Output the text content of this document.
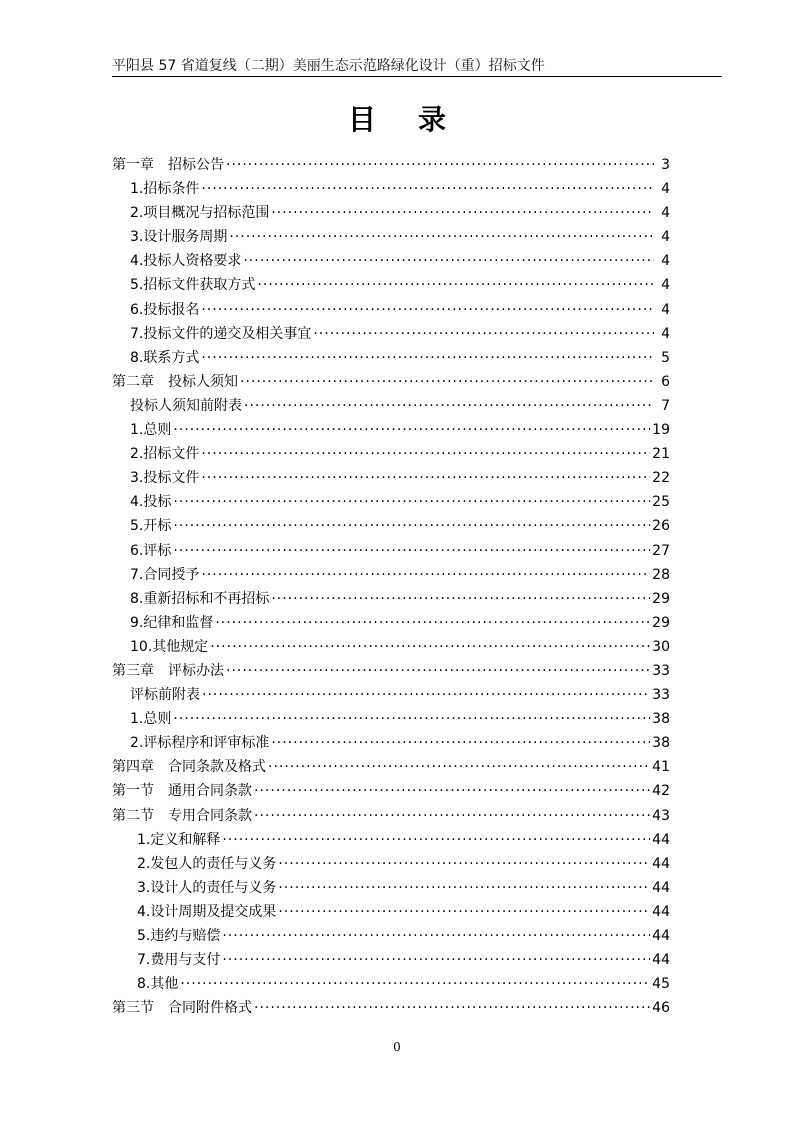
平阳县 57 省道复线（二期）美丽生态示范路绿化设计（重）招标文件
目录
第一章　招标公告 ·····	3
1.招标条件 ·····	4
2.项目概况与招标范围 ·····	4
3.设计服务周期 ·····	4
4.投标人资格要求 ·····	4
5.招标文件获取方式 ·····	4
6.投标报名 ·····	4
7.投标文件的递交及相关事宜 ·····	4
8.联系方式 ·····	5
第二章　投标人须知 ·····	6
投标人须知前附表 ·····	7
1.总则 ·····	19
2.招标文件 ·····	21
3.投标文件 ·····	22
4.投标 ·····	25
5.开标 ·····	26
6.评标 ·····	27
7.合同授予 ·····	28
8.重新招标和不再招标 ·····	29
9.纪律和监督 ·····	29
10.其他规定 ·····	30
第三章　评标办法 ·····	33
评标前附表 ·····	33
1.总则 ·····	38
2.评标程序和评审标准 ·····	38
第四章　合同条款及格式 ·····	41
第一节　通用合同条款 ·····	42
第二节　专用合同条款 ·····	43
1.定义和解释 ·····	44
2.发包人的责任与义务 ·····	44
3.设计人的责任与义务 ·····	44
4.设计周期及提交成果 ·····	44
5.违约与赔偿 ·····	44
7.费用与支付 ·····	44
8.其他 ·····	45
第三节　合同附件格式 ·····	46
0
